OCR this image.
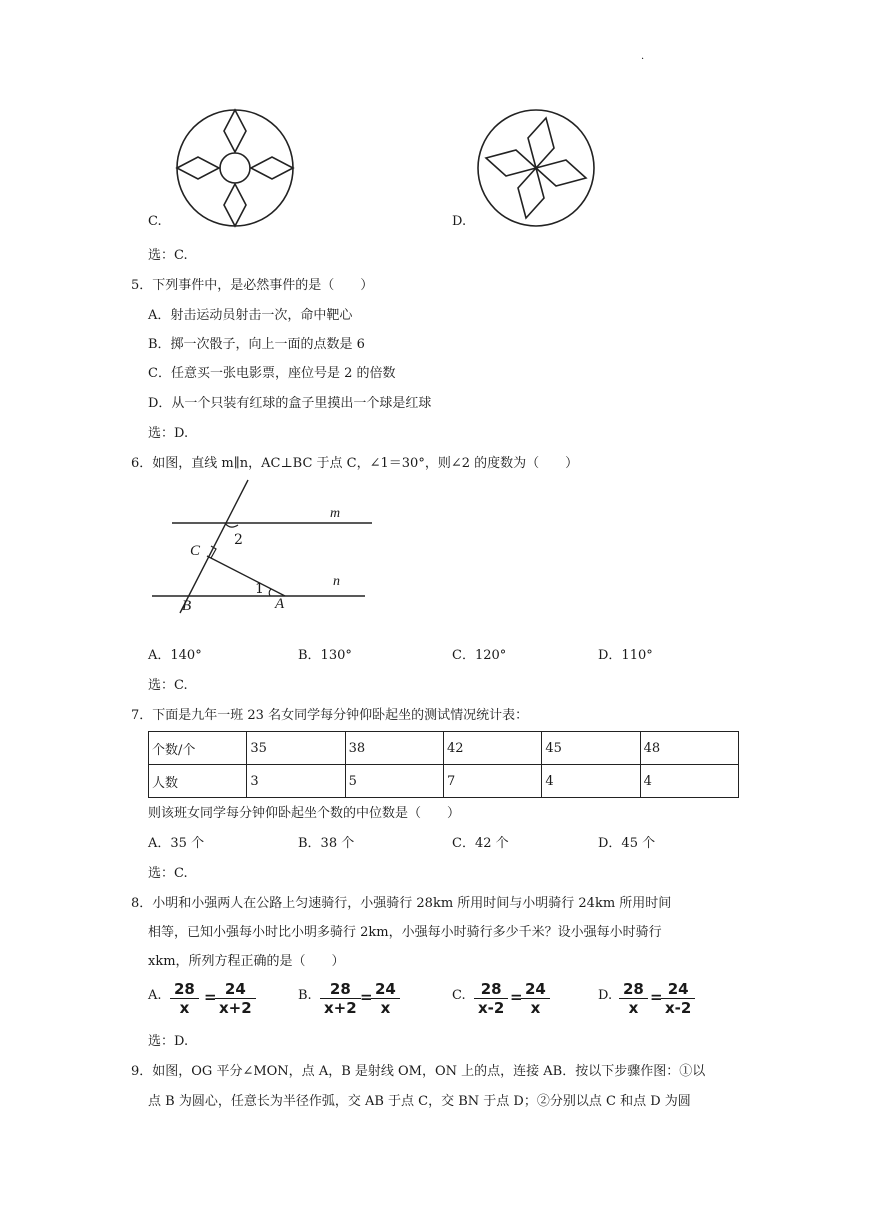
·
C.	D.
选：C.
5．下列事件中，是必然事件的是（　　）
A．射击运动员射击一次，命中靶心
B．掷一次骰子，向上一面的点数是 6
C．任意买一张电影票，座位号是 2 的倍数
D．从一个只装有红球的盒子里摸出一个球是红球
选：D.
6．如图，直线 m∥n，AC⊥BC 于点 C，∠1＝30°，则∠2 的度数为（　　）
m
n
2
1
C
A
B
A．140°	B．130°	C．120°	D．110°
选：C.
7．下面是九年一班 23 名女同学每分钟仰卧起坐的测试情况统计表：
个数/个	35	38	42	45	48
人数	3	5	7	4	4
则该班女同学每分钟仰卧起坐个数的中位数是（　　）
A．35 个	B．38 个	C．42 个	D．45 个
选：C.
8．小明和小强两人在公路上匀速骑行，小强骑行 28km 所用时间与小明骑行 24km 所用时间
相等，已知小强每小时比小明多骑行 2km，小强每小时骑行多少千米？设小强每小时骑行
xkm，所列方程正确的是（　　）
A. $\frac{28}{x}$ =
$\frac{24}{x+2}$	B. $\frac{28}{x+2}$ =
$\frac{24}{x}$	C. $\frac{28}{x-2}$ =
$\frac{24}{x}$	D. $\frac{28}{x}$ =
$\frac{24}{x-2}$
选：D.
9．如图，OG 平分∠MON，点 A，B 是射线 OM，ON 上的点，连接 AB．按以下步骤作图：①以
点 B 为圆心，任意长为半径作弧，交 AB 于点 C，交 BN 于点 D；②分别以点 C 和点 D 为圆
